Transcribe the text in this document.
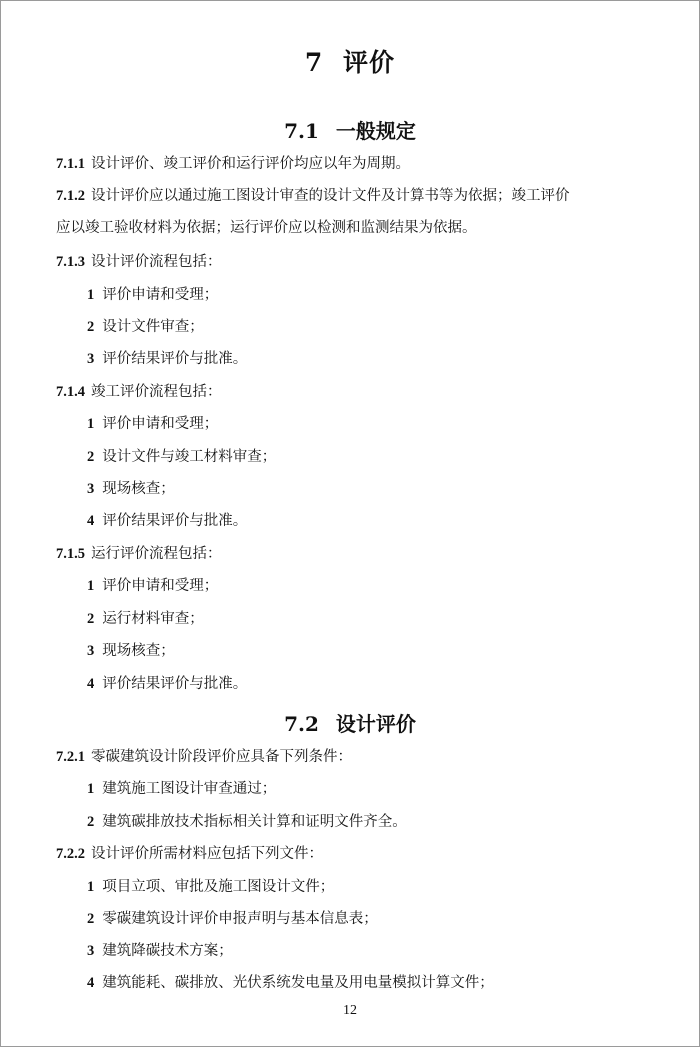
7 评价
7.1 一般规定
7.1.1 设计评价、竣工评价和运行评价均应以年为周期。
7.1.2 设计评价应以通过施工图设计审查的设计文件及计算书等为依据；竣工评价
应以竣工验收材料为依据；运行评价应以检测和监测结果为依据。
7.1.3 设计评价流程包括：
1 评价申请和受理；
2 设计文件审查；
3 评价结果评价与批准。
7.1.4 竣工评价流程包括：
1 评价申请和受理；
2 设计文件与竣工材料审查；
3 现场核查；
4 评价结果评价与批准。
7.1.5 运行评价流程包括：
1 评价申请和受理；
2 运行材料审查；
3 现场核查；
4 评价结果评价与批准。
7.2 设计评价
7.2.1 零碳建筑设计阶段评价应具备下列条件：
1 建筑施工图设计审查通过；
2 建筑碳排放技术指标相关计算和证明文件齐全。
7.2.2 设计评价所需材料应包括下列文件：
1 项目立项、审批及施工图设计文件；
2 零碳建筑设计评价申报声明与基本信息表；
3 建筑降碳技术方案；
4 建筑能耗、碳排放、光伏系统发电量及用电量模拟计算文件；
12
